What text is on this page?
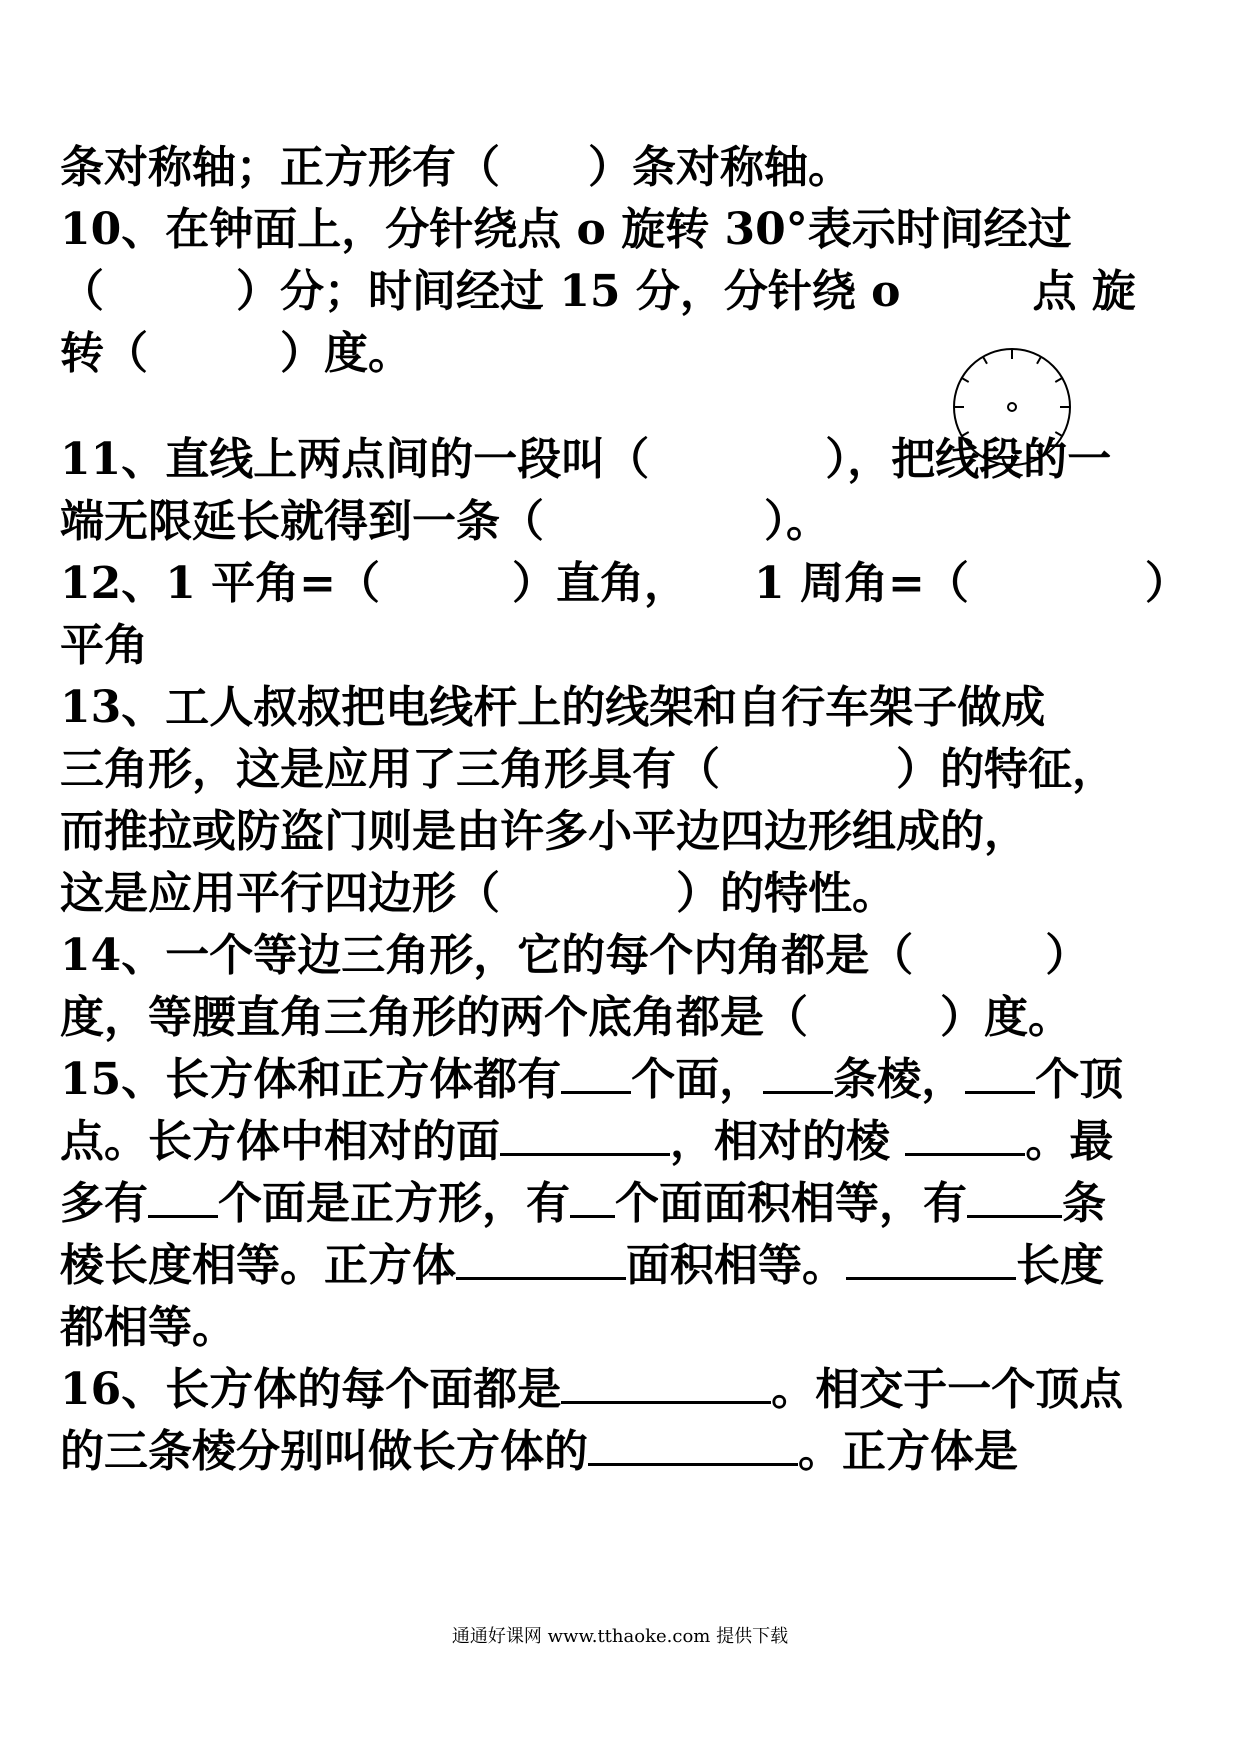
条对称轴；正方形有（　　）条对称轴。
10、在钟面上，分针绕点 o 旋转 30°表示时间经过
（　　　）分；时间经过 15 分，分针绕 o　　　点 旋
转（　　　）度。
11、直线上两点间的一段叫（　　　　），把线段的一
端无限延长就得到一条（　　　　　）。
12、1 平角=（　　　）直角，　　1 周角=（　　　　）
平角
13、工人叔叔把电线杆上的线架和自行车架子做成
三角形，这是应用了三角形具有（　　　　）的特征，
而推拉或防盗门则是由许多小平边四边形组成的，
这是应用平行四边形（　　　　）的特性。
14、一个等边三角形，它的每个内角都是（　　　）
度，等腰直角三角形的两个底角都是（　　　）度。
15、长方体和正方体都有 个面， 条棱， 个顶
点。长方体中相对的面	，相对的棱	。最
多有 个面是正方形，有 个面面积相等，有 条
棱长度相等。正方体	面积相等。	长度
都相等。
16、长方体的每个面都是	。相交于一个顶点
的三条棱分别叫做长方体的	。正方体是
通通好课网 www.tthaoke.com 提供下载
